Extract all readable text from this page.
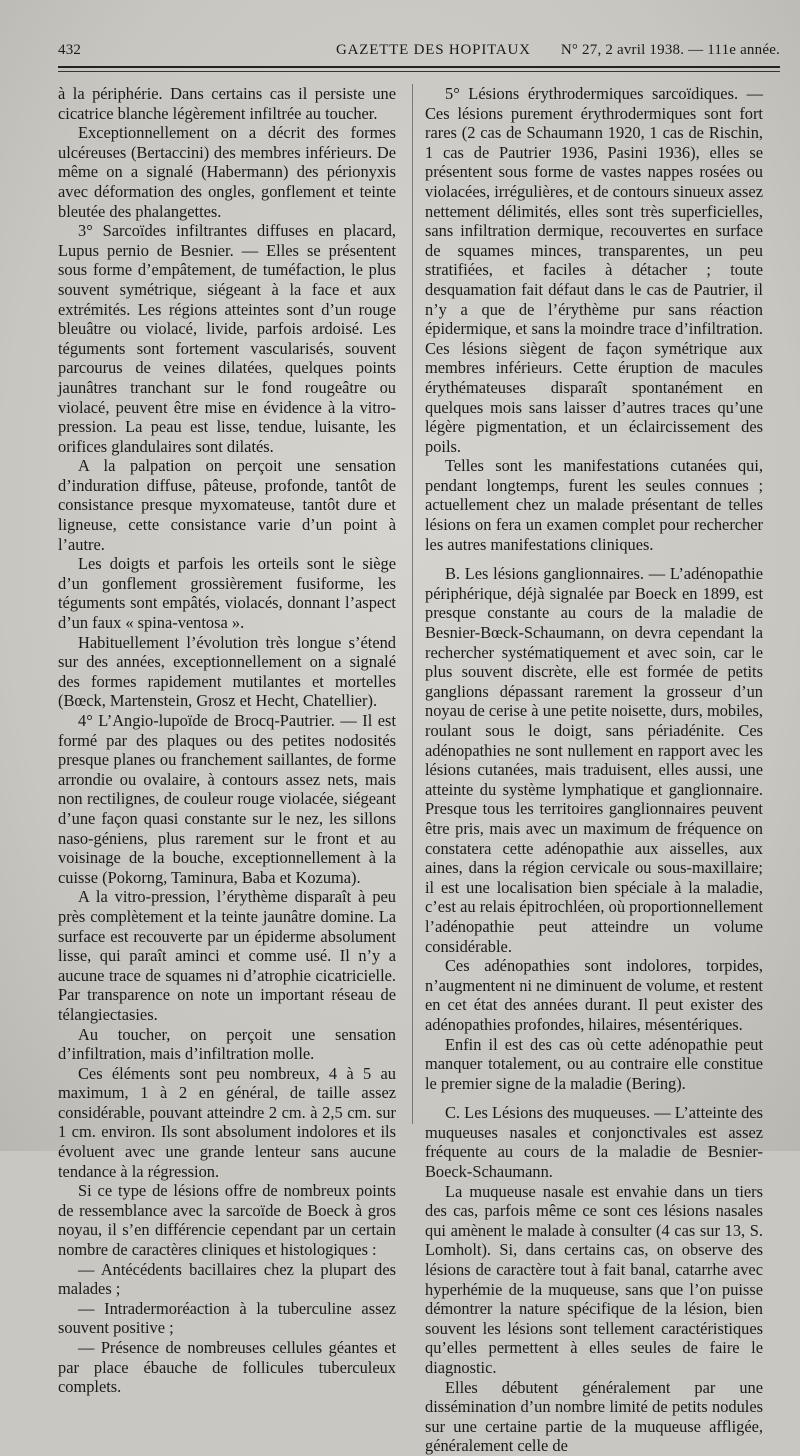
432	GAZETTE DES HOPITAUX N° 27, 2 avril 1938. — 111e année.

à la périphérie. Dans certains cas il persiste une cicatrice blanche légèrement infiltrée au toucher.

Exceptionnellement on a décrit des formes ulcéreuses (Bertaccini) des membres inférieurs. De même on a signalé (Habermann) des périonyxis avec déformation des ongles, gonflement et teinte bleutée des phalangettes.

3° Sarcoïdes infiltrantes diffuses en placard, Lupus pernio de Besnier. — Elles se présentent sous forme d’empâtement, de tuméfaction, le plus souvent symétrique, siégeant à la face et aux extrémités. Les régions atteintes sont d’un rouge bleuâtre ou violacé, livide, parfois ardoisé. Les téguments sont fortement vascularisés, souvent parcourus de veines dilatées, quelques points jaunâtres tranchant sur le fond rougeâtre ou violacé, peuvent être mise en évidence à la vitro-pression. La peau est lisse, tendue, luisante, les orifices glandulaires sont dilatés.

A la palpation on perçoit une sensation d’induration diffuse, pâteuse, profonde, tantôt de consistance presque myxomateuse, tantôt dure et ligneuse, cette consistance varie d’un point à l’autre.

Les doigts et parfois les orteils sont le siège d’un gonflement grossièrement fusiforme, les téguments sont empâtés, violacés, donnant l’aspect d’un faux « spina-ventosa ».

Habituellement l’évolution très longue s’étend sur des années, exceptionnellement on a signalé des formes rapidement mutilantes et mortelles (Bœck, Martenstein, Grosz et Hecht, Chatellier).

4° L’Angio-lupoïde de Brocq-Pautrier. — Il est formé par des plaques ou des petites nodosités presque planes ou franchement saillantes, de forme arrondie ou ovalaire, à contours assez nets, mais non rectilignes, de couleur rouge violacée, siégeant d’une façon quasi constante sur le nez, les sillons naso-géniens, plus rarement sur le front et au voisinage de la bouche, exceptionnellement à la cuisse (Pokorng, Taminura, Baba et Kozuma).

A la vitro-pression, l’érythème disparaît à peu près complètement et la teinte jaunâtre domine. La surface est recouverte par un épiderme absolument lisse, qui paraît aminci et comme usé. Il n’y a aucune trace de squames ni d’atrophie cicatricielle. Par transparence on note un important réseau de télangiectasies.

Au toucher, on perçoit une sensation d’infiltration, mais d’infiltration molle.

Ces éléments sont peu nombreux, 4 à 5 au maximum, 1 à 2 en général, de taille assez considérable, pouvant atteindre 2 cm. à 2,5 cm. sur 1 cm. environ. Ils sont absolument indolores et ils évoluent avec une grande lenteur sans aucune tendance à la régression.

Si ce type de lésions offre de nombreux points de ressemblance avec la sarcoïde de Boeck à gros noyau, il s’en différencie cependant par un certain nombre de caractères cliniques et histologiques :

— Antécédents bacillaires chez la plupart des malades ;

— Intradermoréaction à la tuberculine assez souvent positive ;

— Présence de nombreuses cellules géantes et par place ébauche de follicules tuberculeux complets.

5° Lésions érythrodermiques sarcoïdiques. — Ces lésions purement érythrodermiques sont fort rares (2 cas de Schaumann 1920, 1 cas de Rischin, 1 cas de Pautrier 1936, Pasini 1936), elles se présentent sous forme de vastes nappes rosées ou violacées, irrégulières, et de contours sinueux assez nettement délimités, elles sont très superficielles, sans infiltration dermique, recouvertes en surface de squames minces, transparentes, un peu stratifiées, et faciles à détacher ; toute desquamation fait défaut dans le cas de Pautrier, il n’y a que de l’érythème pur sans réaction épidermique, et sans la moindre trace d’infiltration. Ces lésions siègent de façon symétrique aux membres inférieurs. Cette éruption de macules érythémateuses disparaît spontanément en quelques mois sans laisser d’autres traces qu’une légère pigmentation, et un éclaircissement des poils.

Telles sont les manifestations cutanées qui, pendant longtemps, furent les seules connues ; actuellement chez un malade présentant de telles lésions on fera un examen complet pour rechercher les autres manifestations cliniques.

B. Les lésions ganglionnaires. — L’adénopathie périphérique, déjà signalée par Boeck en 1899, est presque constante au cours de la maladie de Besnier-Bœck-Schaumann, on devra cependant la rechercher systématiquement et avec soin, car le plus souvent discrète, elle est formée de petits ganglions dépassant rarement la grosseur d’un noyau de cerise à une petite noisette, durs, mobiles, roulant sous le doigt, sans périadénite. Ces adénopathies ne sont nullement en rapport avec les lésions cutanées, mais traduisent, elles aussi, une atteinte du système lymphatique et ganglionnaire. Presque tous les territoires ganglionnaires peuvent être pris, mais avec un maximum de fréquence on constatera cette adénopathie aux aisselles, aux aines, dans la région cervicale ou sous-maxillaire; il est une localisation bien spéciale à la maladie, c’est au relais épitrochléen, où proportionnellement l’adénopathie peut atteindre un volume considérable.

Ces adénopathies sont indolores, torpides, n’augmentent ni ne diminuent de volume, et restent en cet état des années durant. Il peut exister des adénopathies profondes, hilaires, mésentériques.

Enfin il est des cas où cette adénopathie peut manquer totalement, ou au contraire elle constitue le premier signe de la maladie (Bering).

C. Les Lésions des muqueuses. — L’atteinte des muqueuses nasales et conjonctivales est assez fréquente au cours de la maladie de Besnier-Boeck-Schaumann.

La muqueuse nasale est envahie dans un tiers des cas, parfois même ce sont ces lésions nasales qui amènent le malade à consulter (4 cas sur 13, S. Lomholt). Si, dans certains cas, on observe des lésions de caractère tout à fait banal, catarrhe avec hyperhémie de la muqueuse, sans que l’on puisse démontrer la nature spécifique de la lésion, bien souvent les lésions sont tellement caractéristiques qu’elles permettent à elles seules de faire le diagnostic.

Elles débutent généralement par une dissémination d’un nombre limité de petits nodules sur une certaine partie de la muqueuse affligée, généralement celle de
